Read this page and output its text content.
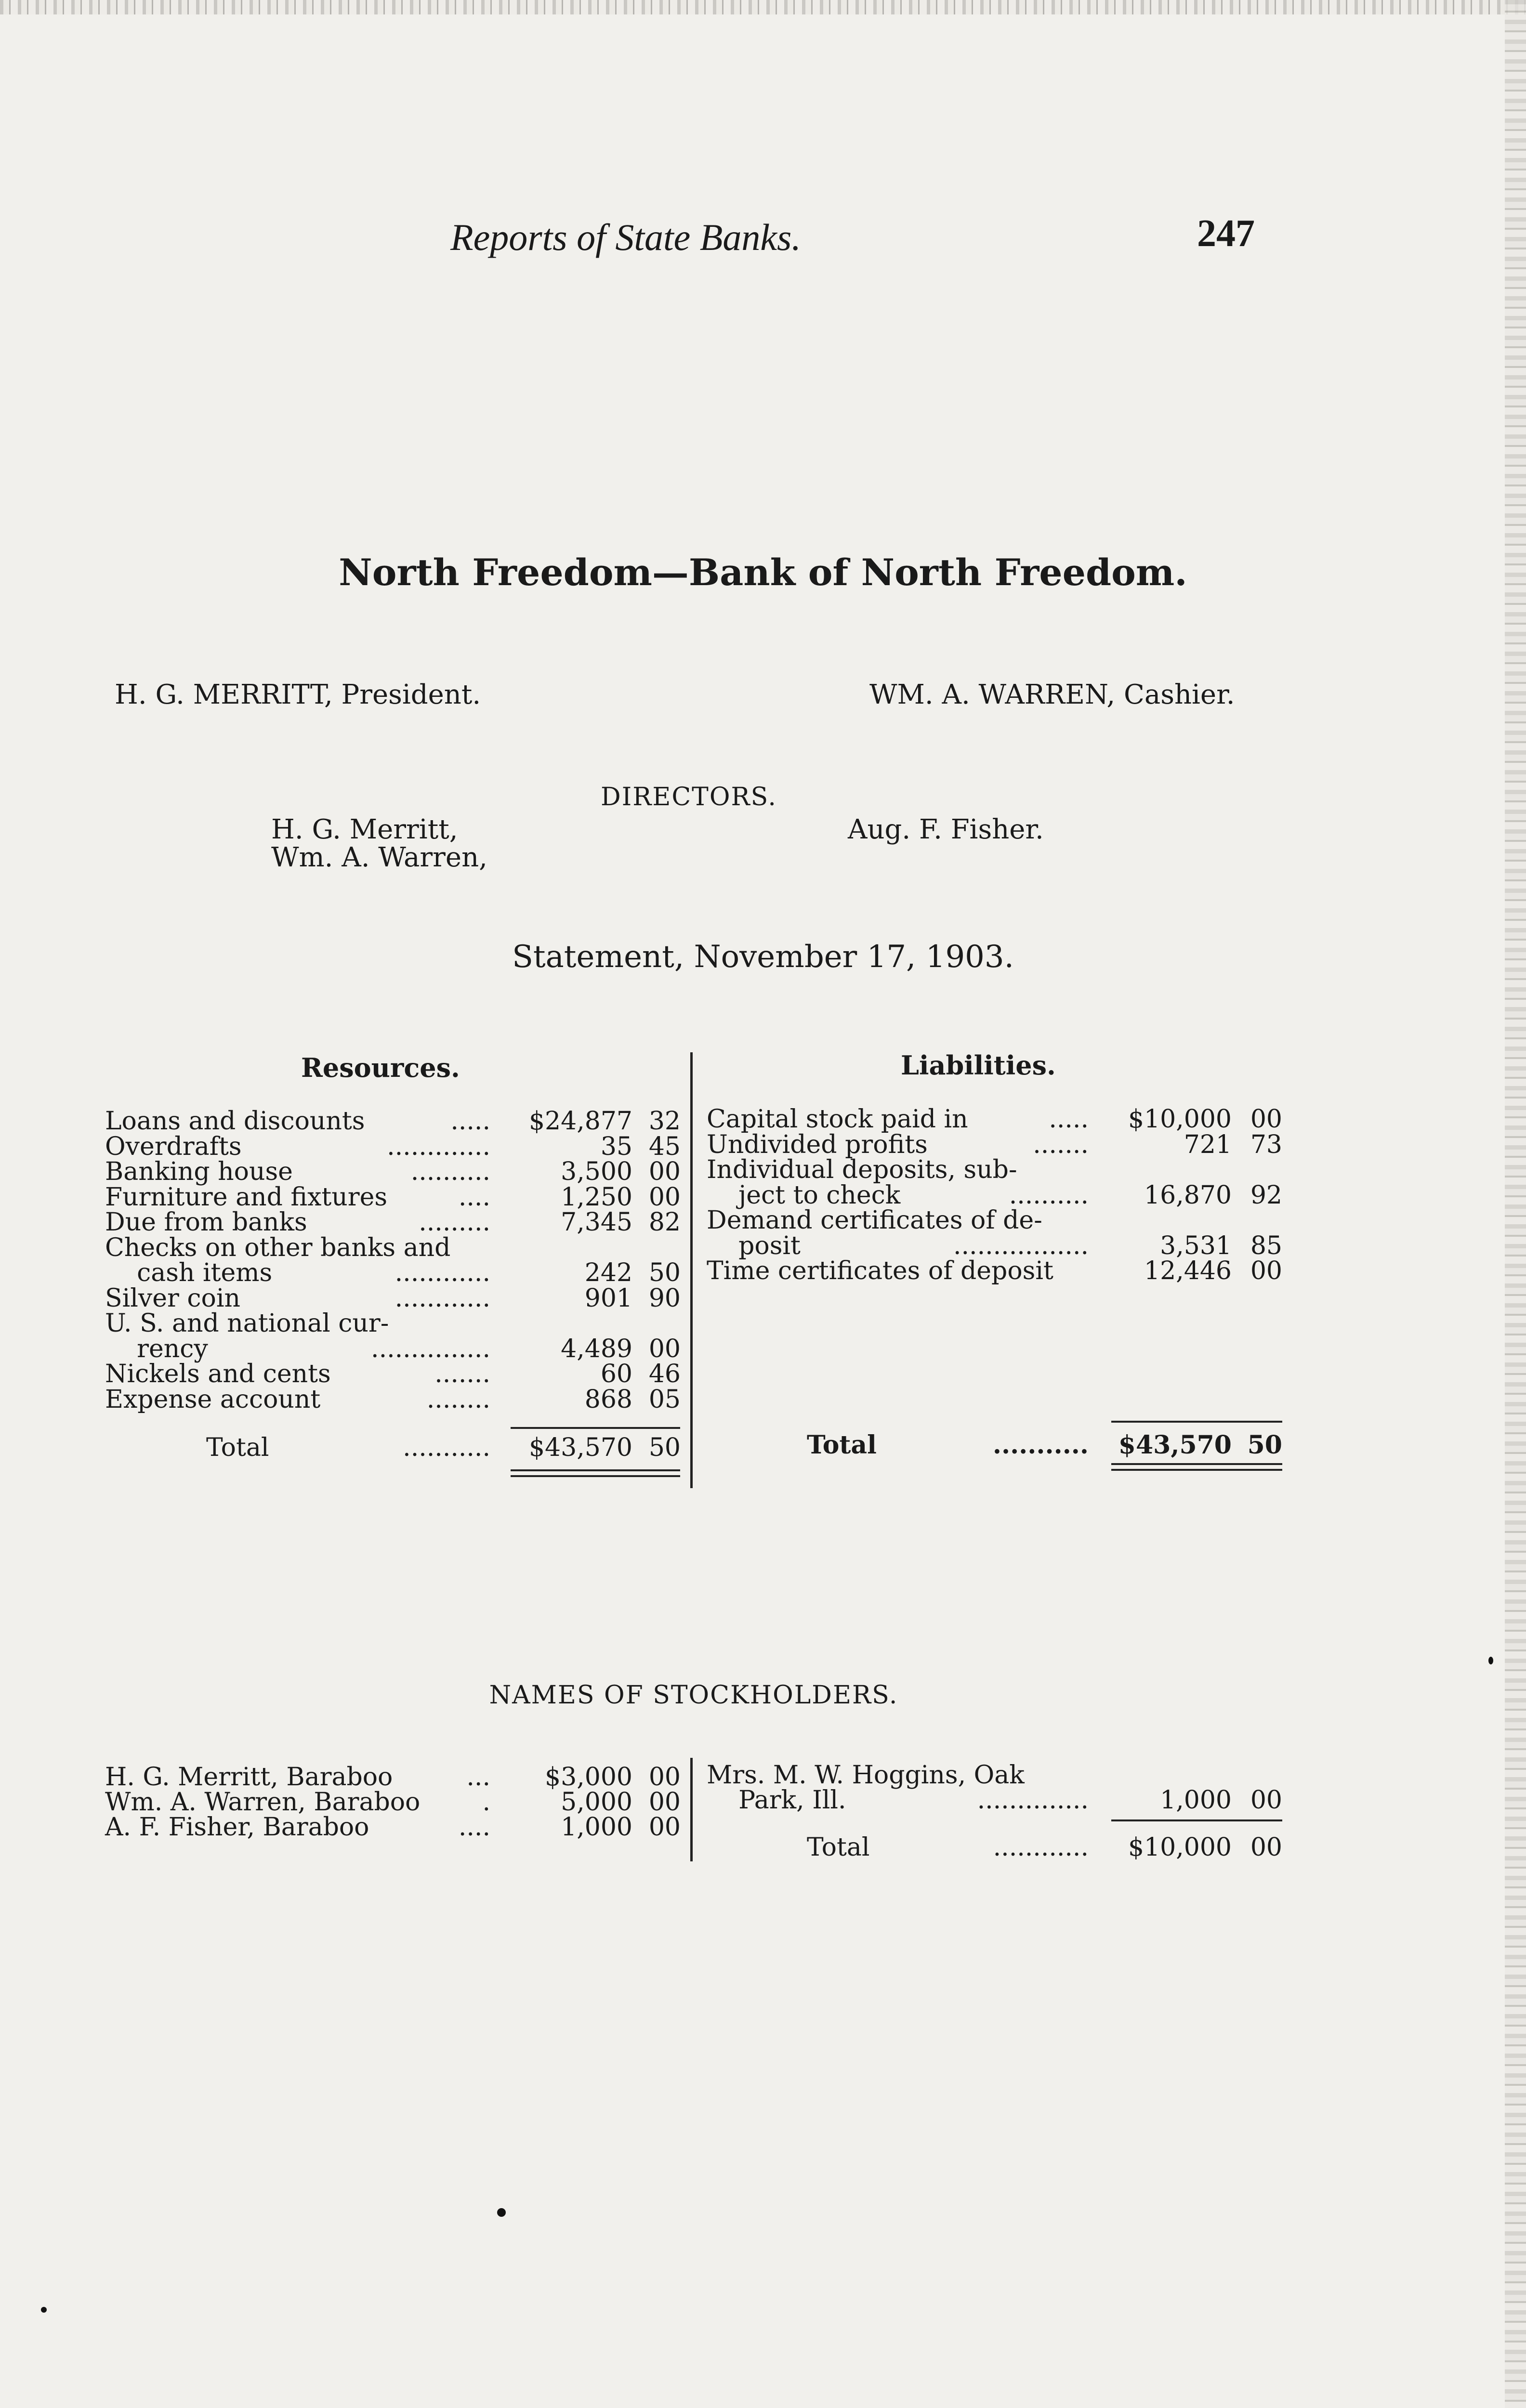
Reports of State Banks.	247
North Freedom—Bank of North Freedom.
H. G. MERRITT, President.	WM. A. WARREN, Cashier.
DIRECTORS.
H. G. Merritt,
Wm. A. Warren,
Aug. F. Fisher.
Statement, November 17, 1903.
Resources.	Liabilities.
Loans and discounts	..... $24,877 32
Overdrafts	.............	35 45
Banking house	..........	3,500 00
Furniture and fixtures	....	1,250 00
Due from banks	.........	7,345 82
Checks on other banks and
cash items	............	242 50
Silver coin	............	901 90
U. S. and national cur-
rency	...............	4,489 00
Nickels and cents	.......	60 46
Expense account	........	868 05
Total	........... $43,570 50
Capital stock paid in	..... $10,000 00
Undivided profits	.......	721 73
Individual deposits, sub-
ject to check	.......... 16,870 92
Demand certificates of de-
posit	.................	3,531 85
Time certificates of deposit	12,446 00
Total	........... $43,570 50
NAMES OF STOCKHOLDERS.
H. G. Merritt, Baraboo	... $3,000 00
Wm. A. Warren, Baraboo .	5,000 00
A. F. Fisher, Baraboo	....	1,000 00
Mrs. M. W. Hoggins, Oak
Park, Ill.	..............	1,000 00
Total	............ $10,000 00
